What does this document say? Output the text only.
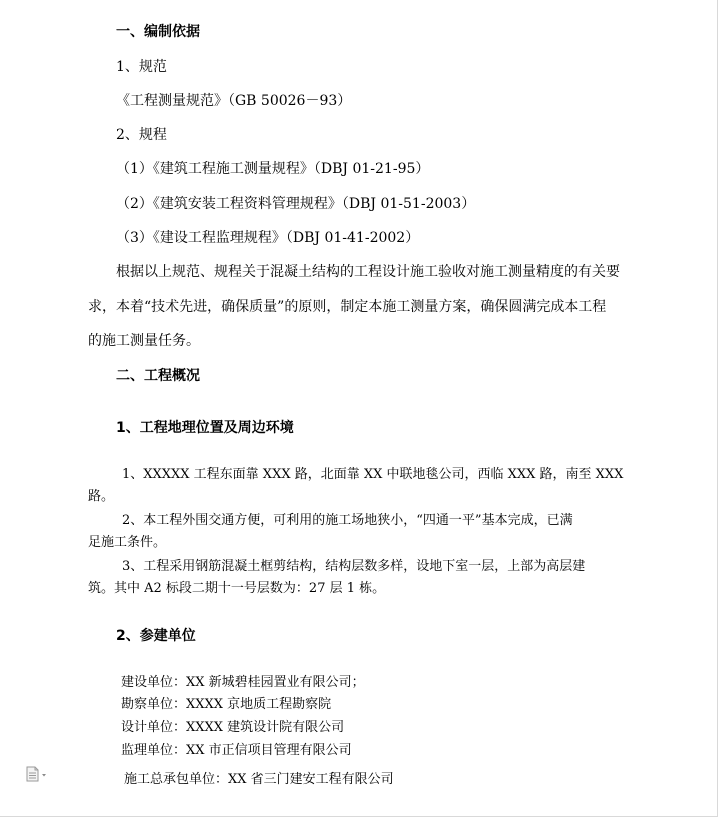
一、编制依据
1、规范
《工程测量规范》（GB 50026－93）
2、规程
（1）《建筑工程施工测量规程》（DBJ 01-21-95）
（2）《建筑安装工程资料管理规程》（DBJ 01-51-2003）
（3）《建设工程监理规程》（DBJ 01-41-2002）
根据以上规范、规程关于混凝土结构的工程设计施工验收对施工测量精度的有关要
求，本着“技术先进，确保质量”的原则，制定本施工测量方案，确保圆满完成本工程
的施工测量任务。
二、工程概况
1、工程地理位置及周边环境
1、XXXXX 工程东面靠 XXX 路，北面靠 XX 中联地毯公司，西临 XXX 路，南至 XXX
路。
2、本工程外围交通方便，可利用的施工场地狭小，“四通一平”基本完成，已满
足施工条件。
3、工程采用钢筋混凝土框剪结构，结构层数多样，设地下室一层，上部为高层建
筑。其中 A2 标段二期十一号层数为：27 层 1 栋。
2、参建单位
建设单位：XX 新城碧桂园置业有限公司；
勘察单位：XXXX 京地质工程勘察院
设计单位：XXXX 建筑设计院有限公司
监理单位：XX 市正信项目管理有限公司
施工总承包单位：XX 省三门建安工程有限公司
